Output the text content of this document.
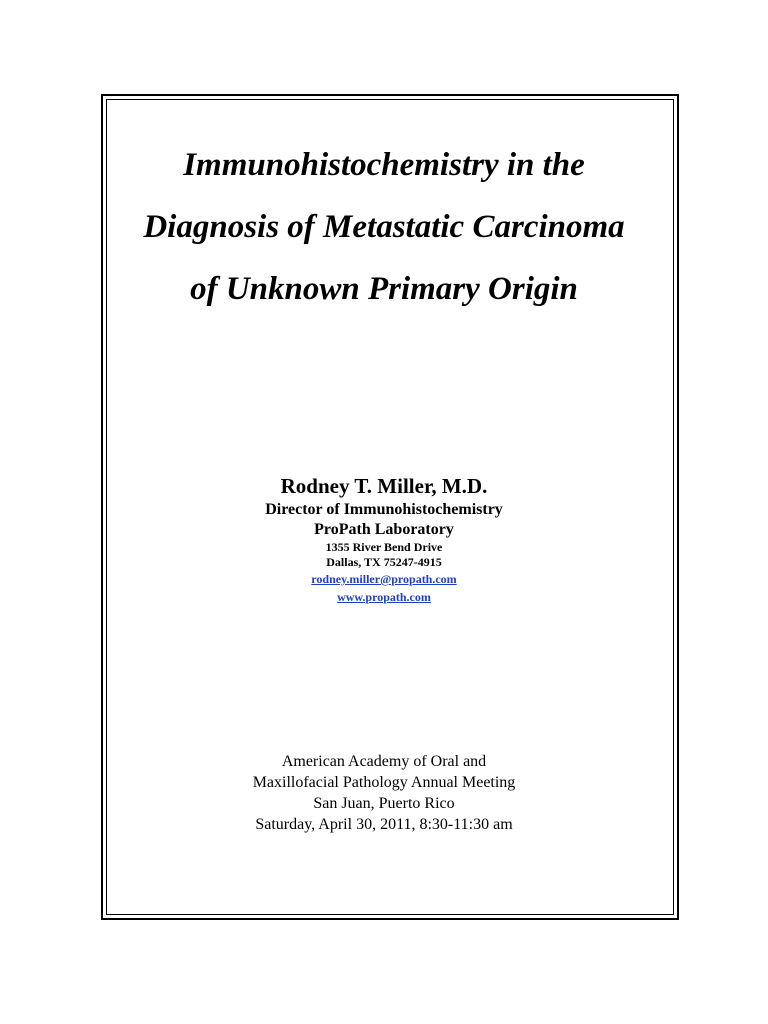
Immunohistochemistry in the
Diagnosis of Metastatic Carcinoma
of Unknown Primary Origin
Rodney T. Miller, M.D.
Director of Immunohistochemistry
ProPath Laboratory
1355 River Bend Drive
Dallas, TX 75247-4915
rodney.miller@propath.com
www.propath.com
American Academy of Oral and
Maxillofacial Pathology Annual Meeting
San Juan, Puerto Rico
Saturday, April 30, 2011, 8:30-11:30 am
